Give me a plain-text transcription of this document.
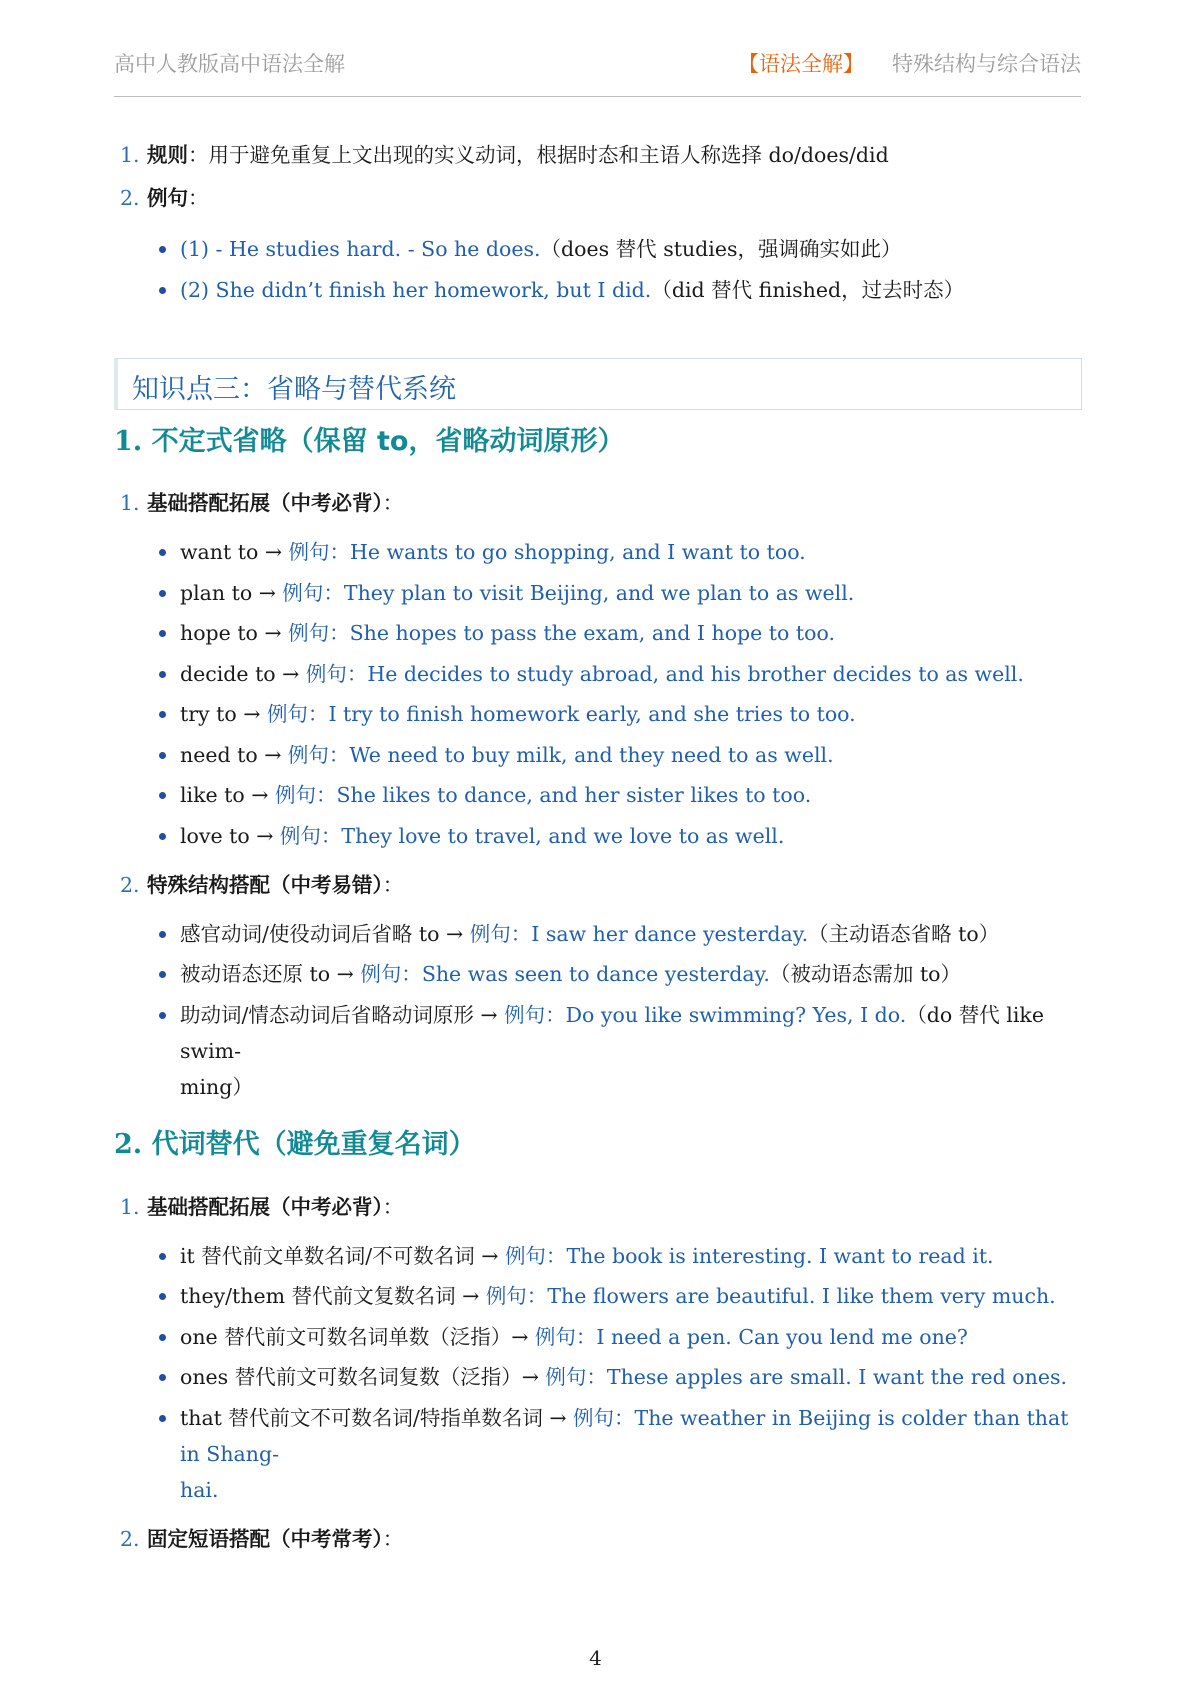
高中人教版高中语法全解	【语法全解】 特殊结构与综合语法
1. 规则：用于避免重复上文出现的实义动词，根据时态和主语人称选择 do/does/did
2. 例句：
(1) - He studies hard. - So he does.（does 替代 studies，强调确实如此）
(2) She didn’t finish her homework, but I did.（did 替代 finished，过去时态）
知识点三：省略与替代系统
1. 不定式省略（保留 to，省略动词原形）
1. 基础搭配拓展（中考必背）：
want to → 例句：He wants to go shopping, and I want to too.
plan to → 例句：They plan to visit Beijing, and we plan to as well.
hope to → 例句：She hopes to pass the exam, and I hope to too.
decide to → 例句：He decides to study abroad, and his brother decides to as well.
try to → 例句：I try to finish homework early, and she tries to too.
need to → 例句：We need to buy milk, and they need to as well.
like to → 例句：She likes to dance, and her sister likes to too.
love to → 例句：They love to travel, and we love to as well.
2. 特殊结构搭配（中考易错）：
感官动词/使役动词后省略 to → 例句：I saw her dance yesterday.（主动语态省略 to）
被动语态还原 to → 例句：She was seen to dance yesterday.（被动语态需加 to）
助动词/情态动词后省略动词原形 → 例句：Do you like swimming? Yes, I do.（do 替代 like swim-
ming）
2. 代词替代（避免重复名词）
1. 基础搭配拓展（中考必背）：
it 替代前文单数名词/不可数名词 → 例句：The book is interesting. I want to read it.
they/them 替代前文复数名词 → 例句：The flowers are beautiful. I like them very much.
one 替代前文可数名词单数（泛指）→ 例句：I need a pen. Can you lend me one?
ones 替代前文可数名词复数（泛指）→ 例句：These apples are small. I want the red ones.
that 替代前文不可数名词/特指单数名词 → 例句：The weather in Beijing is colder than that in Shang-
hai.
2. 固定短语搭配（中考常考）：
4
